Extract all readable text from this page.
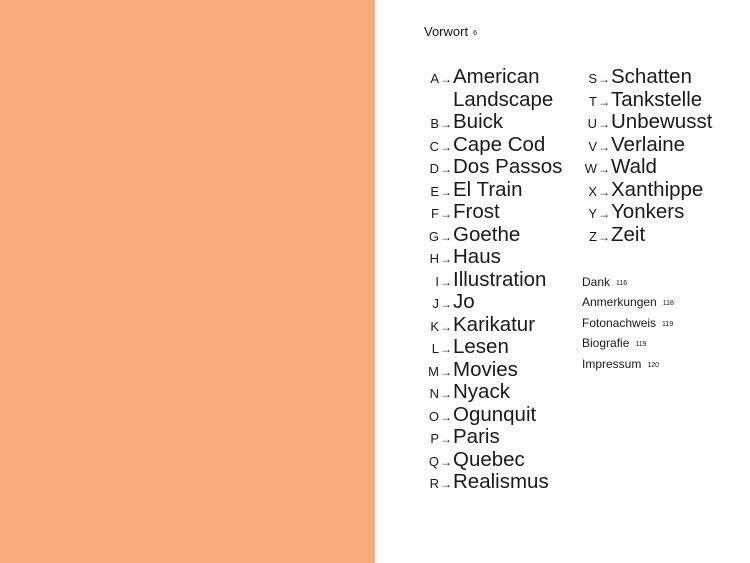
Vorwort 6
A → American Landscape
B → Buick
C → Cape Cod
D → Dos Passos
E → El Train
F → Frost
G → Goethe
H → Haus
I → Illustration
J → Jo
K → Karikatur
L → Lesen
M → Movies
N → Nyack
O → Ogunquit
P → Paris
Q → Quebec
R → Realismus
S → Schatten
T → Tankstelle
U → Unbewusst
V → Verlaine
W → Wald
X → Xanthippe
Y → Yonkers
Z → Zeit
Dank 116
Anmerkungen 118
Fotonachweis 119
Biografie 119
Impressum 120
